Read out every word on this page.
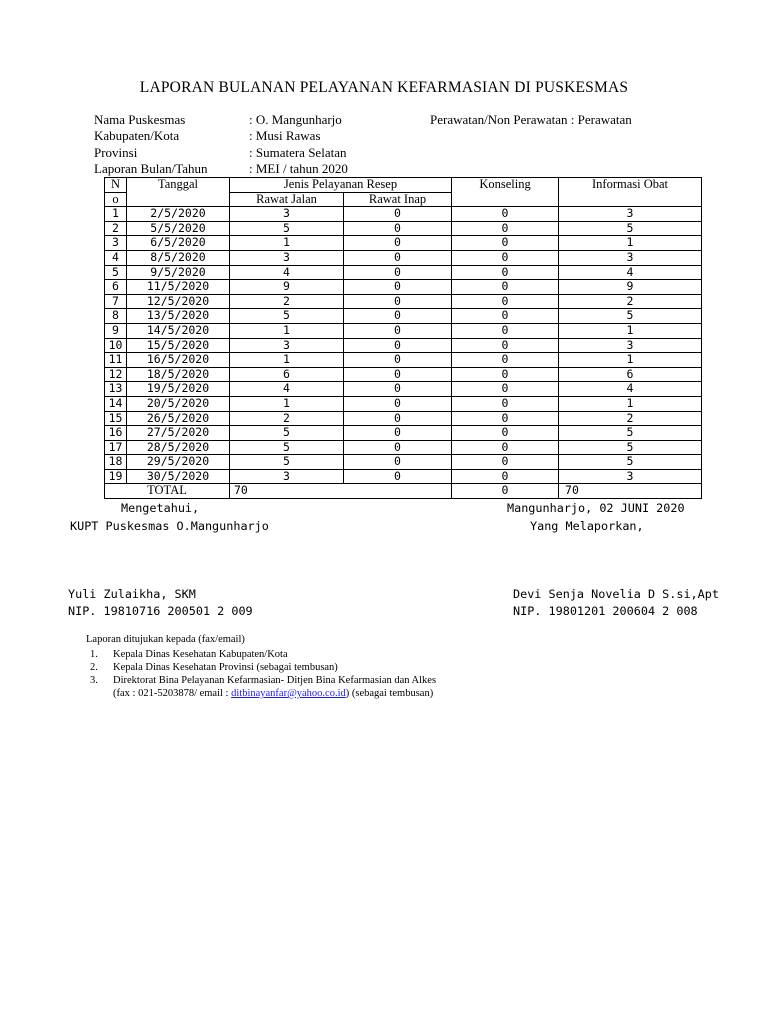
LAPORAN BULANAN PELAYANAN KEFARMASIAN DI PUSKESMAS
Nama Puskesmas	: O. Mangunharjo	Perawatan/Non Perawatan : Perawatan
Kabupaten/Kota	: Musi Rawas
Provinsi	: Sumatera Selatan
Laporan Bulan/Tahun	: MEI / tahun 2020
N	Tanggal	Jenis Pelayanan Resep		Konseling	Informasi Obat
o		Rawat Jalan	Rawat Inap		
1	2/5/2020	3	0	0	3
2	5/5/2020	5	0	0	5
3	6/5/2020	1	0	0	1
4	8/5/2020	3	0	0	3
5	9/5/2020	4	0	0	4
6	11/5/2020	9	0	0	9
7	12/5/2020	2	0	0	2
8	13/5/2020	5	0	0	5
9	14/5/2020	1	0	0	1
10	15/5/2020	3	0	0	3
11	16/5/2020	1	0	0	1
12	18/5/2020	6	0	0	6
13	19/5/2020	4	0	0	4
14	20/5/2020	1	0	0	1
15	26/5/2020	2	0	0	2
16	27/5/2020	5	0	0	5
17	28/5/2020	5	0	0	5
18	29/5/2020	5	0	0	5
19	30/5/2020	3	0	0	3
TOTAL		70		0	70
Mengetahui,	Mangunharjo, 02 JUNI 2020
KUPT Puskesmas O.Mangunharjo	Yang Melaporkan,
Yuli Zulaikha, SKM	Devi Senja Novelia D S.si,Apt
NIP. 19810716 200501 2 009	NIP. 19801201 200604 2 008
Laporan ditujukan kepada (fax/email)
1. Kepala Dinas Kesehatan Kabupaten/Kota
2. Kepala Dinas Kesehatan Provinsi (sebagai tembusan)
3. Direktorat Bina Pelayanan Kefarmasian- Ditjen Bina Kefarmasian dan Alkes
(fax : 021-5203878/ email : ditbinayanfar@yahoo.co.id) (sebagai tembusan)
